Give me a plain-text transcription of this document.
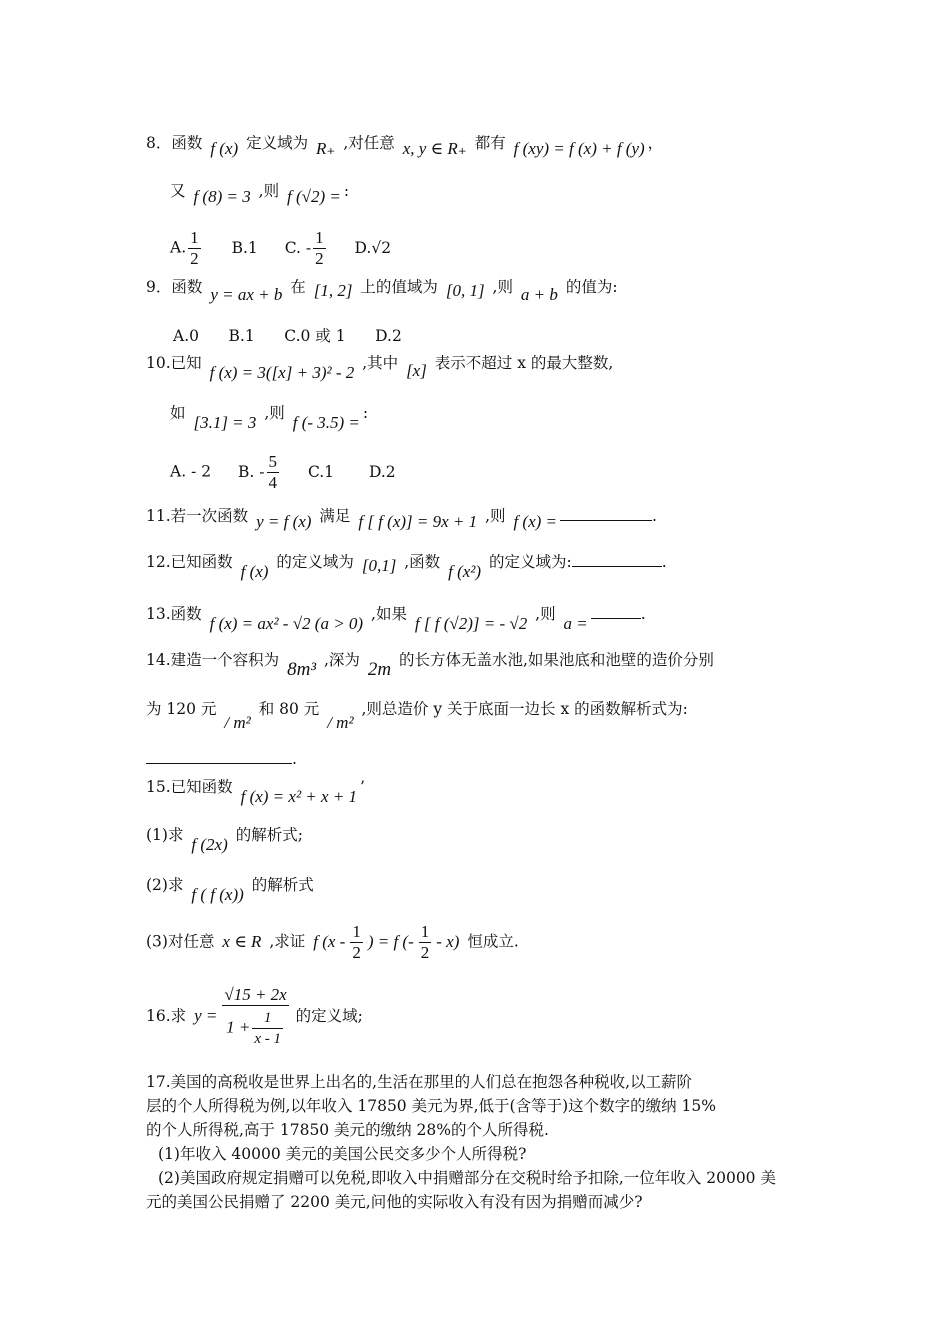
8．函数 f (x) 定义域为 R₊ ,对任意 x, y ∈ R₊ 都有 f (xy) = f (x) + f (y) ，
又 f (8) = 3 ,则 f (√2) = :
A. $\frac{1}{2} B.1$ C. - $\frac{1}{2} D.√2$
9．函数 y = ax + b 在 [1, 2] 上的值域为 [0, 1] ,则 a + b 的值为:
A.0      B.1      C.0 或 1      D.2
10.已知 f (x) = 3([x] + 3)² - 2 ,其中 [x] 表示不超过 x 的最大整数,
如 [3.1] = 3 ,则 f (- 3.5) = :
A. - 2 B. - $\frac{5}{4} C.1$ D.2
11.若一次函数 y = f (x) 满足 f [ f (x)] = 9x + 1 ,则 f (x) =	.
12.已知函数 f (x) 的定义域为 [0,1] ,函数 f (x²) 的定义域为:	.
13.函数 f (x) = ax² - √2 (a > 0) ,如果 f [ f (√2)] = - √2 ,则 a =	.
14.建造一个容积为 8m³ ,深为 2m 的长方体无盖水池,如果池底和池壁的造价分别
为 120 元 / m² 和 80 元 / m² ,则总造价 y 关于底面一边长 x 的函数解析式为:
.
15.已知函数 f (x) = x² + x + 1 ’
(1)求 f (2x) 的解析式;
(2)求 f ( f (x)) 的解析式
(3)对任意 x ∈ R ,求证 f ($x - \frac{1}{2}$ ) = f (- $\frac{1}{2} - x$) 恒成立.
16.求 $y = \frac{√15 + 2x}{1 + \frac{1}{x - 1}}$ 的定义域;

17.美国的高税收是世界上出名的,生活在那里的人们总在抱怨各种税收,以工薪阶

层的个人所得税为例,以年收入 17850 美元为界,低于(含等于)这个数字的缴纳 15%

的个人所得税,高于 17850 美元的缴纳 28%的个人所得税.

(1)年收入 40000 美元的美国公民交多少个人所得税?

(2)美国政府规定捐赠可以免税,即收入中捐赠部分在交税时给予扣除,一位年收入 20000 美

元的美国公民捐赠了 2200 美元,问他的实际收入有没有因为捐赠而减少?
